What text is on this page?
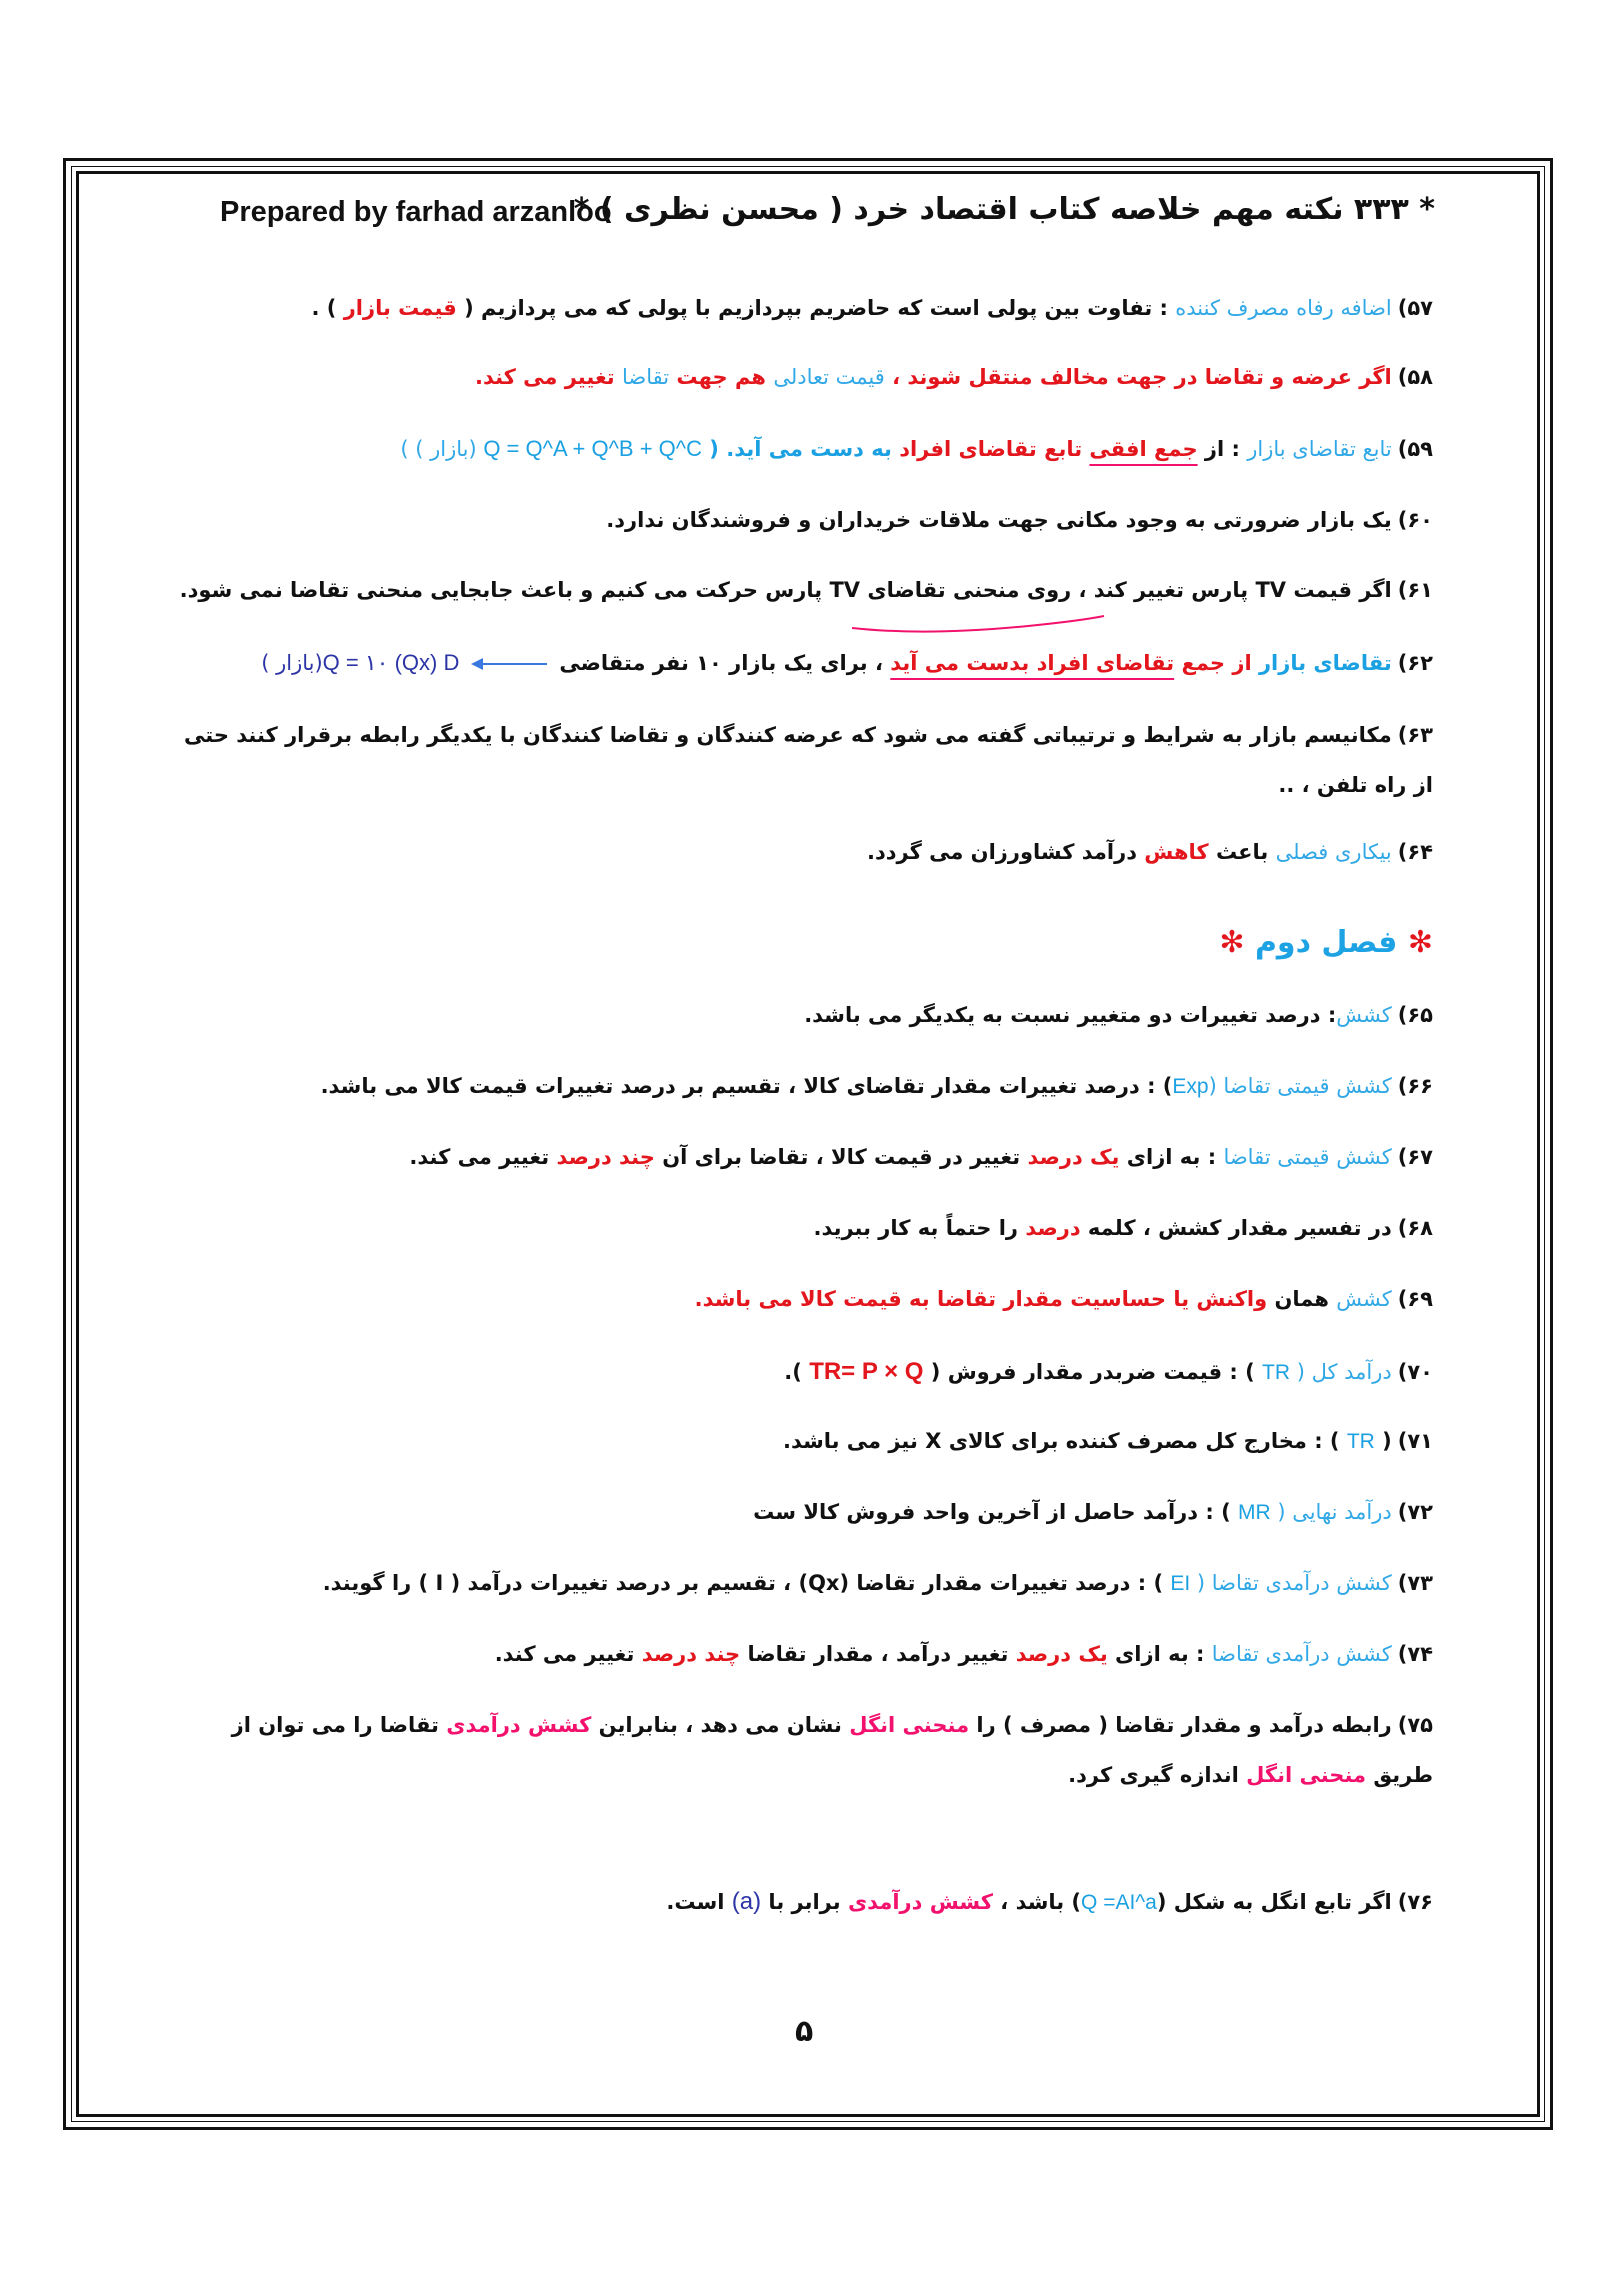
* ۳۳۳ نکته مهم خلاصه کتاب اقتصاد خرد ( محسن نظری ) *
Prepared by farhad arzanloo
۵۷)اضافه رفاه مصرف کننده : تفاوت بین پولی است که حاضریم بپردازیم با پولی که می پردازیم ( قیمت بازار ) .
۵۸)اگر عرضه و تقاضا در جهت مخالف منتقل شوند ، قیمت تعادلی هم جهت تقاضا تغییر می کند.
۵۹)تابع تقاضای بازار : از جمع افقی تابع تقاضای افراد به دست می آید. ( Q = Q^A + Q^B + Q^C (بازار ) )
۶۰)یک بازار ضرورتی به وجود مکانی جهت ملاقات خریداران و فروشندگان ندارد.
۶۱)اگر قیمت TV پارس تغییر کند ، روی منحنی تقاضای TV پارس حرکت می کنیم و باعث جابجایی منحنی تقاضا نمی شود.
۶۲)تقاضای بازار از جمع تقاضای افراد بدست می آید ، برای یک بازار ۱۰ نفر متقاضیQ = ۱۰ (Qx) D(بازار )
۶۳)مکانیسم بازار به شرایط و ترتیباتی گفته می شود که عرضه کنندگان و تقاضا کنندگان با یکدیگر رابطه برقرار کنند حتی از راه تلفن ، ..
۶۴)بیکاری فصلی باعث کاهش درآمد کشاورزان می گردد.
✻ فصل دوم ✻
۶۵)کشش: درصد تغییرات دو متغییر نسبت به یکدیگر می باشد.
۶۶)کشش قیمتی تقاضا (Exp) : درصد تغییرات مقدار تقاضای کالا ، تقسیم بر درصد تغییرات قیمت کالا می باشد.
۶۷)کشش قیمتی تقاضا : به ازای یک درصد تغییر در قیمت کالا ، تقاضا برای آن چند درصد تغییر می کند.
۶۸)در تفسیر مقدار کشش ، کلمه درصد را حتماً به کار ببرید.
۶۹)کشش همان واکنش یا حساسیت مقدار تقاضا به قیمت کالا می باشد.
۷۰)درآمد کل ( TR ) : قیمت ضربدر مقدار فروش ( TR= P × Q ).
۷۱)( TR ) : مخارج کل مصرف کننده برای کالای X نیز می باشد.
۷۲)درآمد نهایی ( MR ) : درآمد حاصل از آخرین واحد فروش کالا ست
۷۳)کشش درآمدی تقاضا ( EI ) : درصد تغییرات مقدار تقاضا (Qx) ، تقسیم بر درصد تغییرات درآمد ( I ) را گویند.
۷۴)کشش درآمدی تقاضا : به ازای یک درصد تغییر درآمد ، مقدار تقاضا چند درصد تغییر می کند.
۷۵)رابطه درآمد و مقدار تقاضا ( مصرف ) را منحنی انگل نشان می دهد ، بنابراین کشش درآمدی تقاضا را می توان از طریق منحنی انگل اندازه گیری کرد.
۷۶)اگر تابع انگل به شکل (Q =AI^a) باشد ، کشش درآمدی برابر با (a) است.
۵
